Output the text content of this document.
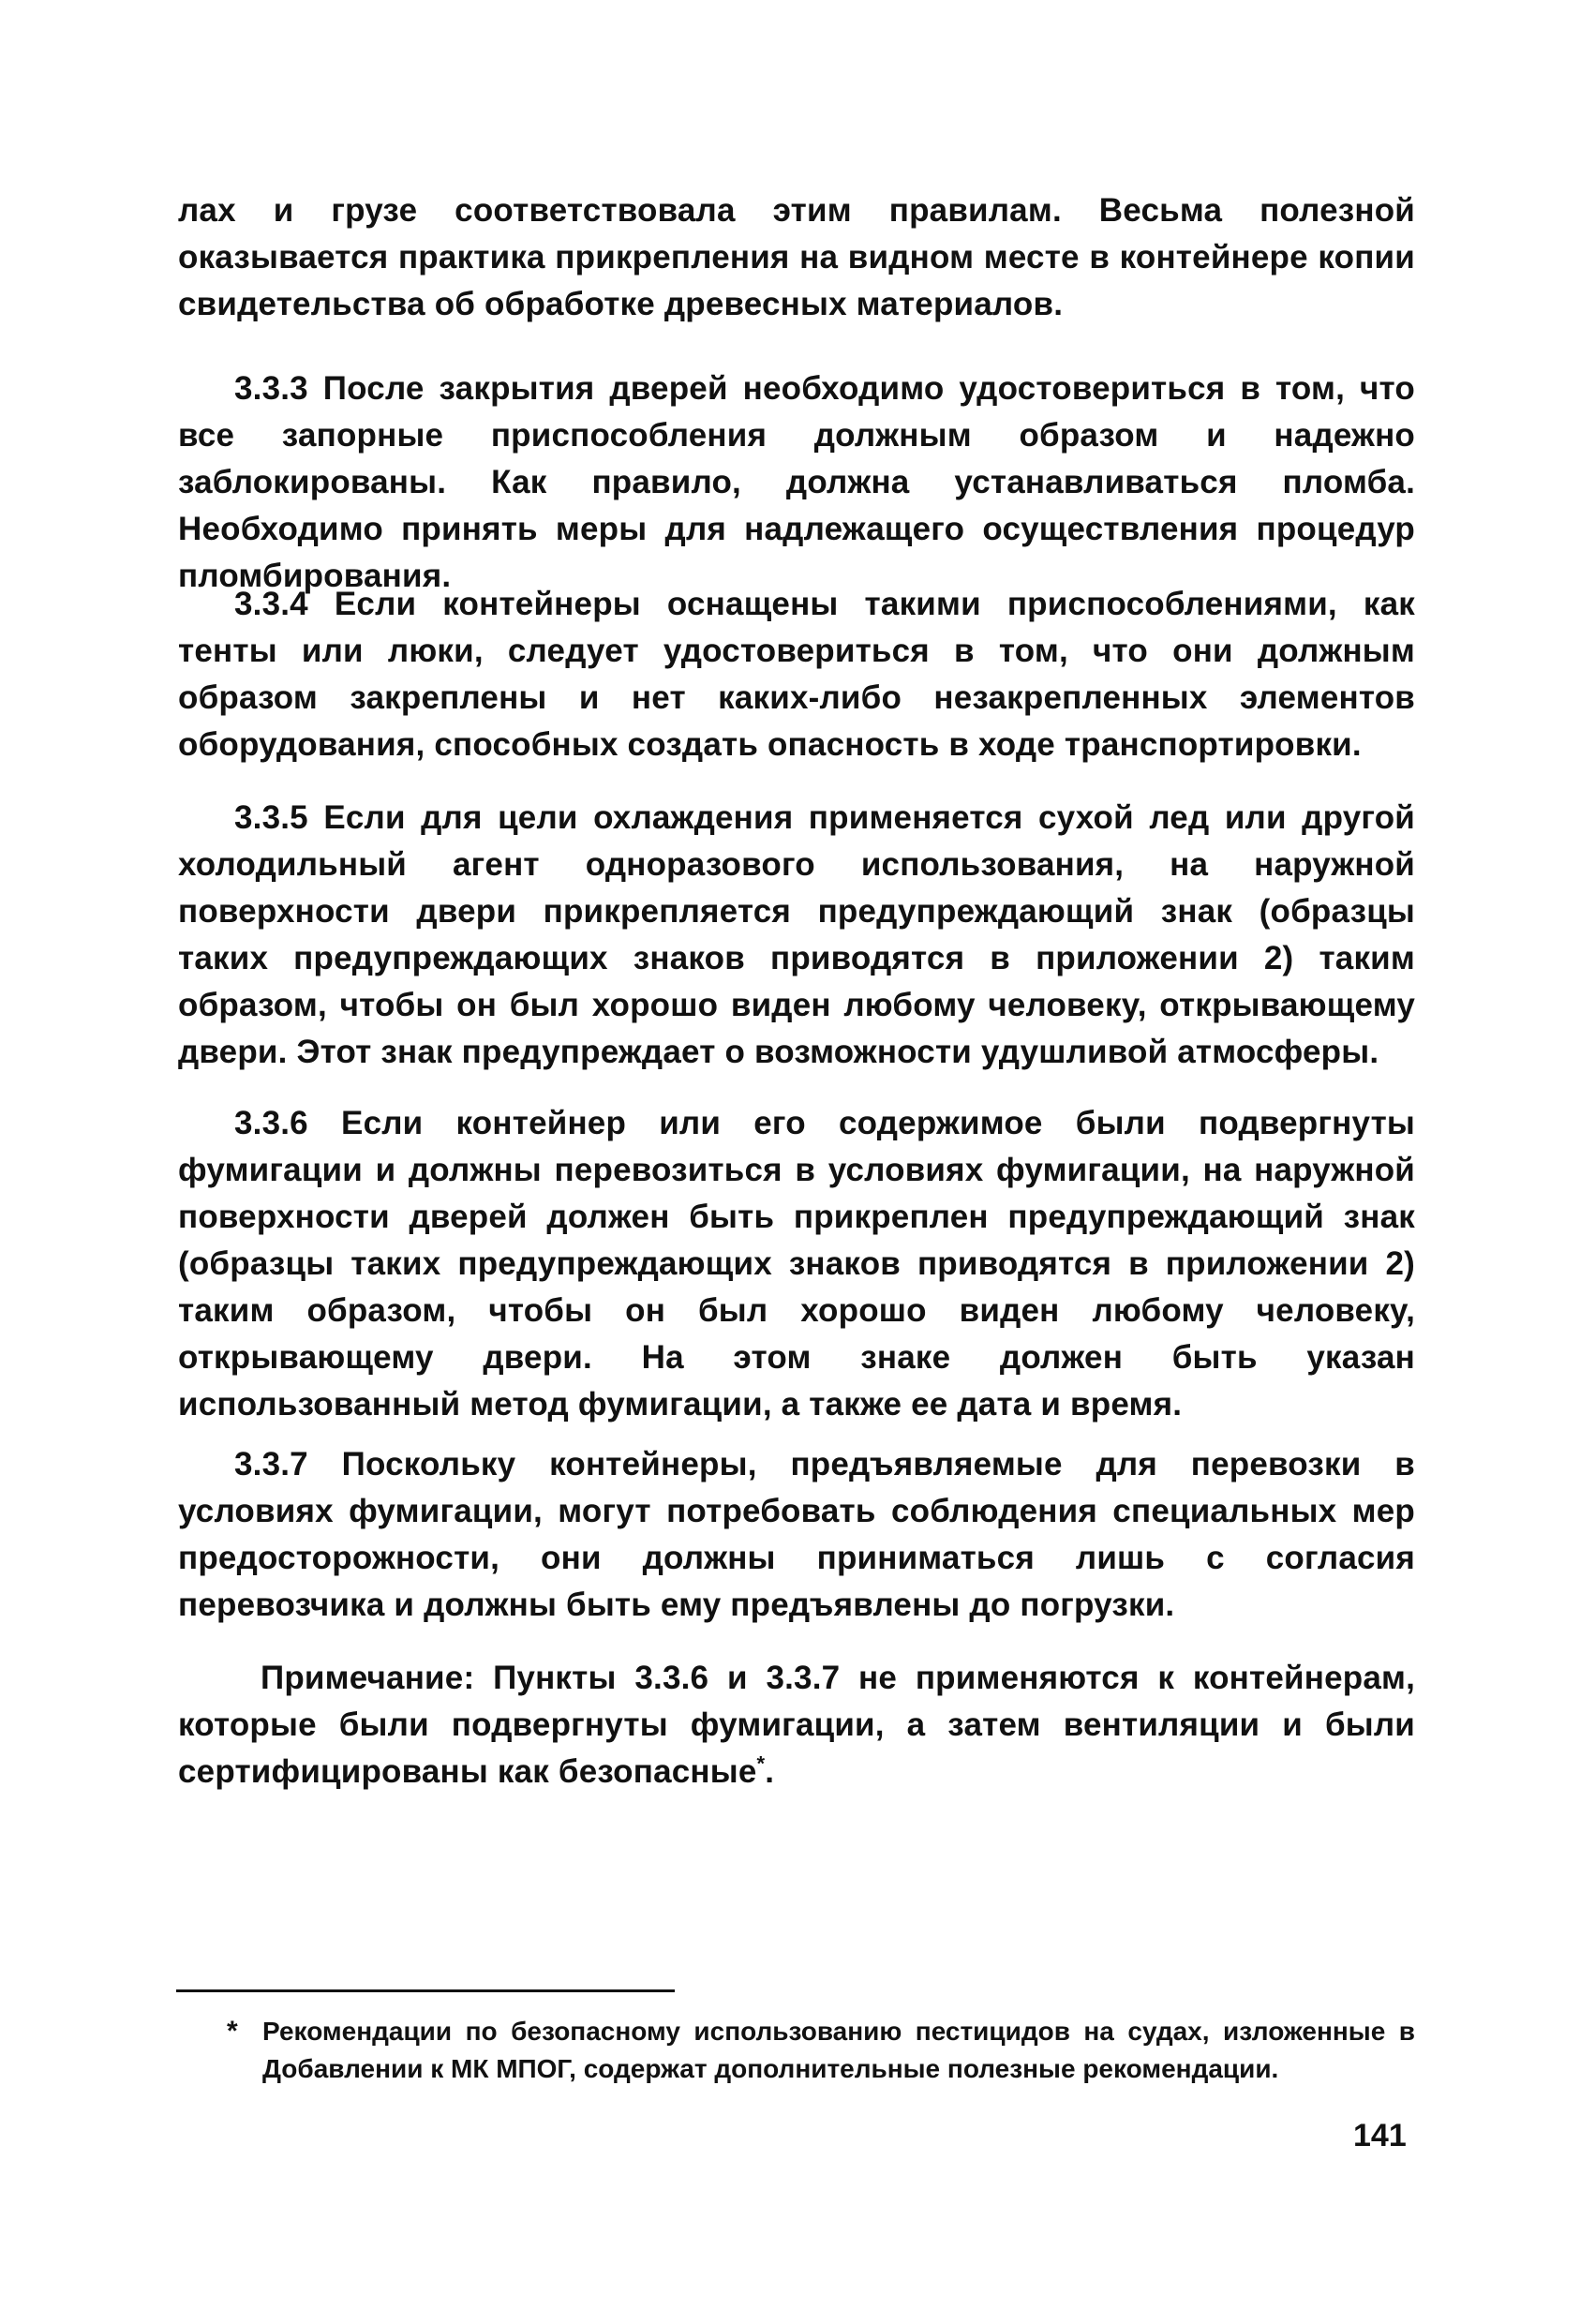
лах и грузе соответствовала этим правилам. Весьма полезной оказывается практика прикрепления на видном месте в контейнере копии свидетельства об обработке древесных материалов.

3.3.3 После закрытия дверей необходимо удостовериться в том, что все запорные приспособления должным образом и надежно заблокированы. Как правило, должна устанавливаться пломба. Необходимо принять меры для надлежащего осуществления процедур пломбирования.

3.3.4 Если контейнеры оснащены такими приспособлениями, как тенты или люки, следует удостовериться в том, что они должным образом закреплены и нет каких-либо незакрепленных элементов оборудования, способных создать опасность в ходе транспортировки.

3.3.5 Если для цели охлаждения применяется сухой лед или другой холодильный агент одноразового использования, на наружной поверхности двери прикрепляется предупреждающий знак (образцы таких предупреждающих знаков приводятся в приложении 2) таким образом, чтобы он был хорошо виден любому человеку, открывающему двери. Этот знак предупреждает о возможности удушливой атмосферы.

3.3.6 Если контейнер или его содержимое были подвергнуты фумигации и должны перевозиться в условиях фумигации, на наружной поверхности дверей должен быть прикреплен предупреждающий знак (образцы таких предупреждающих знаков приводятся в приложении 2) таким образом, чтобы он был хорошо виден любому человеку, открывающему двери. На этом знаке должен быть указан использованный метод фумигации, а также ее дата и время.

3.3.7 Поскольку контейнеры, предъявляемые для перевозки в условиях фумигации, могут потребовать соблюдения специальных мер предосторожности, они должны приниматься лишь с согласия перевозчика и должны быть ему предъявлены до погрузки.

Примечание: Пункты 3.3.6 и 3.3.7 не применяются к контейнерам, которые были подвергнуты фумигации, а затем вентиляции и были сертифицированы как безопасные*.

* Рекомендации по безопасному использованию пестицидов на судах, изложенные в Добавлении к МК МПОГ, содержат дополнительные полезные рекомендации.
141
